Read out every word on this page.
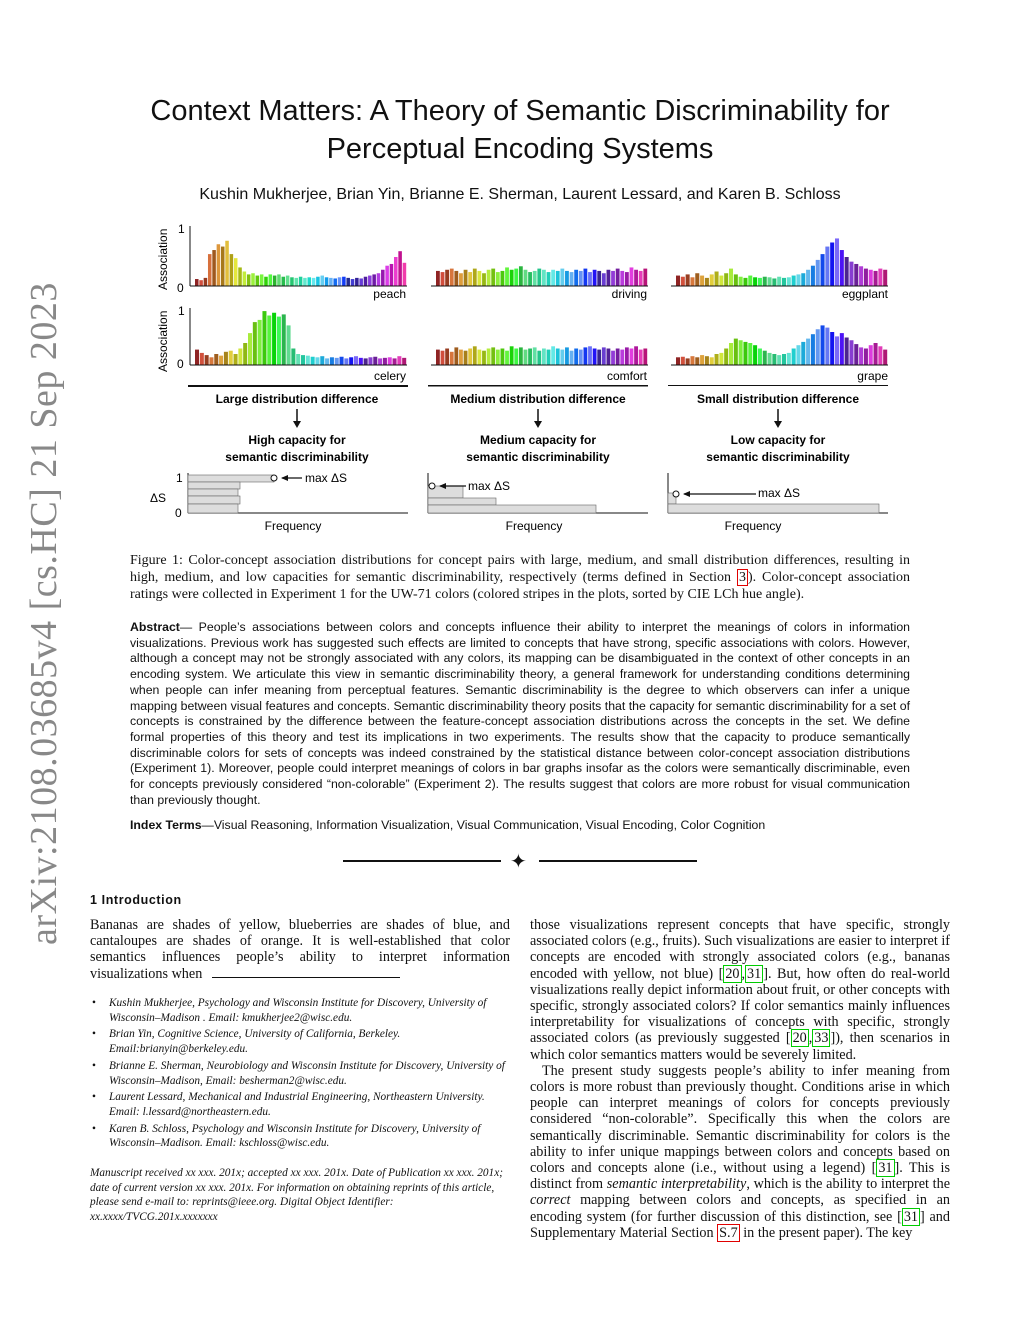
arXiv:2108.03685v4 [cs.HC] 21 Sep 2023
Context Matters: A Theory of Semantic Discriminability for Perceptual Encoding Systems
Kushin Mukherjee, Brian Yin, Brianne E. Sherman, Laurent Lessard, and Karen B. Schloss
Association
Association
1
0
1
0
peach	driving	eggplant
celery	comfort	grape
Large distribution difference	Medium distribution difference	Small distribution difference
High capacity for
semantic discriminability
Medium capacity for
semantic discriminability
Low capacity for
semantic discriminability
ΔS
1
0
max ΔS
max ΔS	max ΔS
Frequency	Frequency	Frequency
Figure 1: Color-concept association distributions for concept pairs with large, medium, and small distribution differences, resulting in high, medium, and low capacities for semantic discriminability, respectively (terms defined in Section 3 ). Color-concept association ratings were collected in Experiment 1 for the UW-71 colors (colored stripes in the plots, sorted by CIE LCh hue angle).
Abstract— People’s associations between colors and concepts influence their ability to interpret the meanings of colors in information visualizations. Previous work has suggested such effects are limited to concepts that have strong, specific associations with colors. However, although a concept may not be strongly associated with any colors, its mapping can be disambiguated in the context of other concepts in an encoding system. We articulate this view in semantic discriminability theory, a general framework for understanding conditions determining when people can infer meaning from perceptual features. Semantic discriminability is the degree to which observers can infer a unique mapping between visual features and concepts. Semantic discriminability theory posits that the capacity for semantic discriminability for a set of concepts is constrained by the difference between the feature-concept association distributions across the concepts in the set. We define formal properties of this theory and test its implications in two experiments. The results show that the capacity to produce semantically discriminable colors for sets of concepts was indeed constrained by the statistical distance between color-concept association distributions (Experiment 1). Moreover, people could interpret meanings of colors in bar graphs insofar as the colors were semantically discriminable, even for concepts previously considered “non-colorable” (Experiment 2). The results suggest that colors are more robust for visual communication than previously thought.
Index Terms—Visual Reasoning, Information Visualization, Visual Communication, Visual Encoding, Color Cognition
✦
1 Introduction

Bananas are shades of yellow, blueberries are shades of blue, and cantaloupes are shades of orange. It is well-established that color semantics influences people’s ability to interpret information visualizations when

• Kushin Mukherjee, Psychology and Wisconsin Institute for Discovery, University of Wisconsin–Madison . Email: kmukherjee2@wisc.edu.
• Brian Yin, Cognitive Science, University of California, Berkeley. Email:brianyin@berkeley.edu.
• Brianne E. Sherman, Neurobiology and Wisconsin Institute for Discovery, University of Wisconsin–Madison, Email: besherman2@wisc.edu.
• Laurent Lessard, Mechanical and Industrial Engineering, Northeastern University. Email: l.lessard@northeastern.edu.
• Karen B. Schloss, Psychology and Wisconsin Institute for Discovery, University of Wisconsin–Madison. Email: kschloss@wisc.edu.
Manuscript received xx xxx. 201x; accepted xx xxx. 201x. Date of Publication xx xxx. 201x; date of current version xx xxx. 201x. For information on obtaining reprints of this article, please send e-mail to: reprints@ieee.org. Digital Object Identifier: xx.xxxx/TVCG.201x.xxxxxxx

those visualizations represent concepts that have specific, strongly associated colors (e.g., fruits). Such visualizations are easier to interpret if concepts are encoded with strongly associated colors (e.g., bananas encoded with yellow, not blue) [ 20 , 31 ]. But, how often do real-world visualizations really depict information about fruit, or other concepts with specific, strongly associated colors? If color semantics mainly influences interpretability for visualizations of concepts with specific, strongly associated colors (as previously suggested [ 20 , 33 ]), then scenarios in which color semantics matters would be severely limited.

The present study suggests people’s ability to infer meaning from colors is more robust than previously thought. Conditions arise in which people can interpret meanings of colors for concepts previously considered “non-colorable”. Specifically this when the colors are semantically discriminable. Semantic discriminability for colors is the ability to infer unique mappings between colors and concepts based on colors and concepts alone (i.e., without using a legend) [ 31 ]. This is distinct from semantic interpretability, which is the ability to interpret the correct mapping between colors and concepts, as specified in an encoding system (for further discussion of this distinction, see [ 31 ] and Supplementary Material Section S.7 in the present paper). The key
